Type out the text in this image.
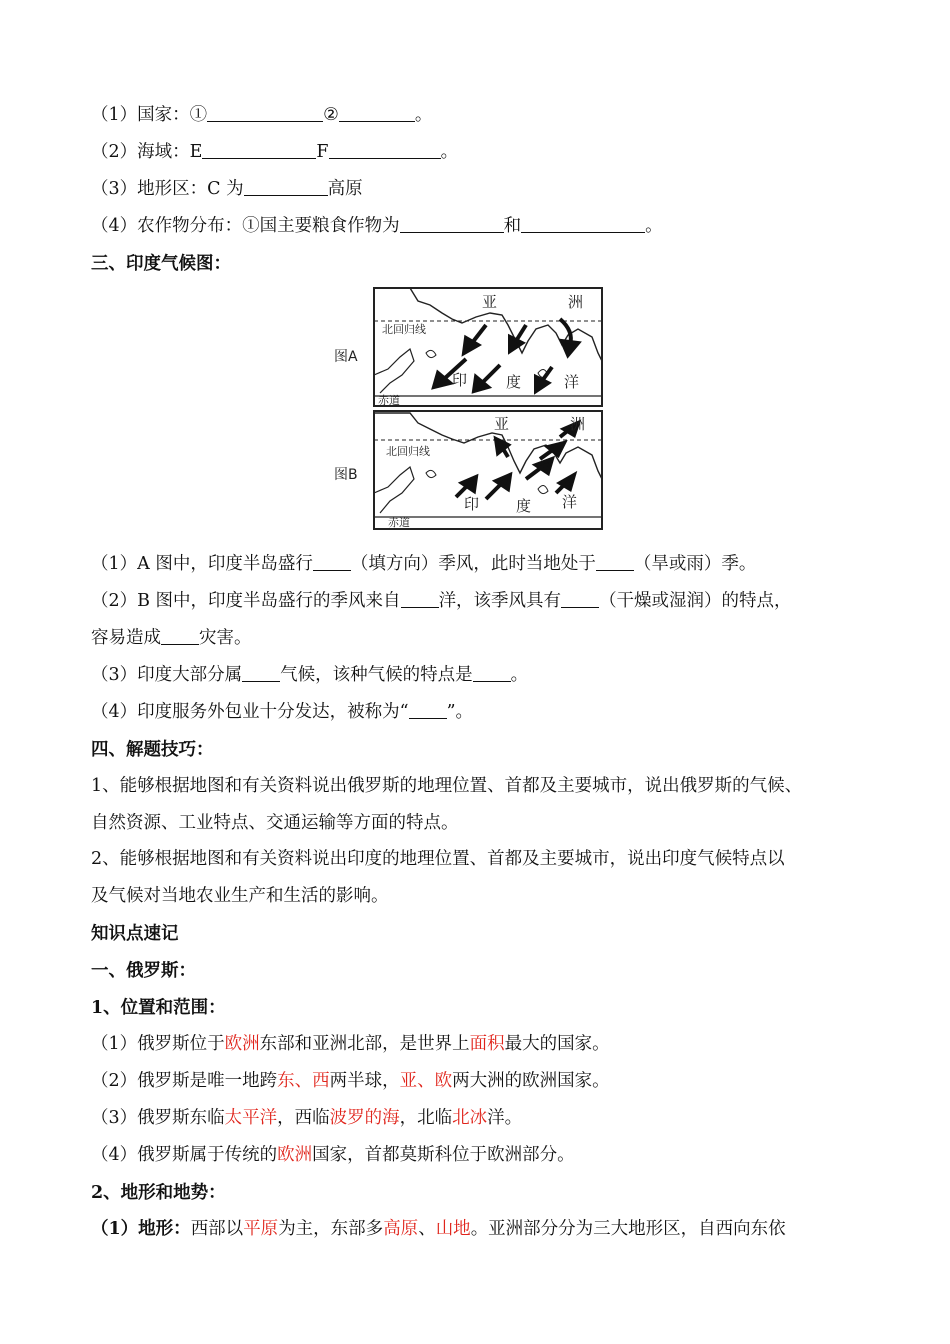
（1）国家：①	②	。
（2）海域：E	F	。
（3）地形区：C 为	高原
（4）农作物分布：①国主要粮食作物为	和	。
三、印度气候图：
图A
亚	洲
北回归线
印	度	洋
赤道
图B
亚	洲
北回归线
印 度 洋
赤道
（1）A 图中，印度半岛盛行 （填方向）季风，此时当地处于 （旱或雨）季。
（2）B 图中，印度半岛盛行的季风来自 洋，该季风具有 （干燥或湿润）的特点，
容易造成 灾害。
（3）印度大部分属 气候，该种气候的特点是 。
（4）印度服务外包业十分发达，被称为“ ”。
四、解题技巧：
1、能够根据地图和有关资料说出俄罗斯的地理位置、首都及主要城市，说出俄罗斯的气候、
自然资源、工业特点、交通运输等方面的特点。
2、能够根据地图和有关资料说出印度的地理位置、首都及主要城市，说出印度气候特点以
及气候对当地农业生产和生活的影响。
知识点速记
一、俄罗斯：
1、位置和范围：
（1）俄罗斯位于欧洲东部和亚洲北部，是世界上面积最大的国家。
（2）俄罗斯是唯一地跨东、西两半球，亚、欧两大洲的欧洲国家。
（3）俄罗斯东临太平洋，西临波罗的海，北临北冰洋。
（4）俄罗斯属于传统的欧洲国家，首都莫斯科位于欧洲部分。
2、地形和地势：
（1）地形：西部以平原为主，东部多高原、山地。亚洲部分分为三大地形区，自西向东依
